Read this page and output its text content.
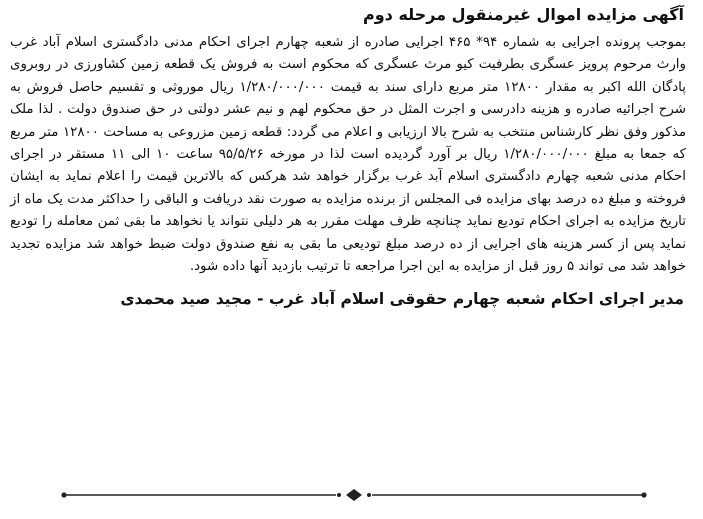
آگهی مزایده اموال غیرمنقول مرحله دوم

بموجب پرونده اجرایی به شماره ۹۴* ۴۶۵ اجرایی صادره از شعبه چهارم اجرای احکام مدنی دادگستری اسلام آباد غرب وارث مرحوم پرویز عسگری بطرفیت کیو مرث عسگری که محکوم است به فروش یک قطعه زمین کشاورزی در روبروی پادگان الله اکبر به مقدار ۱۲۸۰۰ متر مربع دارای سند به قیمت ۱/۲۸۰/۰۰۰/۰۰۰ ریال موروثی و تقسیم حاصل فروش به شرح اجرائیه صادره و هزینه دادرسی و اجرت المثل در حق محکوم لهم و نیم عشر دولتی در حق صندوق دولت . لذا ملک مذکور وفق نظر کارشناس منتخب به شرح بالا ارزیابی و اعلام می گردد: قطعه زمین مزروعی به مساحت ۱۲۸۰۰ متر مربع که جمعا به مبلغ ۱/۲۸۰/۰۰۰/۰۰۰ ریال بر آورد گردیده است لذا در مورخه ۹۵/۵/۲۶ ساعت ۱۰ الی ۱۱ مستقر در اجرای احکام مدنی شعبه چهارم دادگستری اسلام آبد غرب برگزار خواهد شد هرکس که بالاترین قیمت را اعلام نماید به ایشان فروخته و مبلغ ده درصد بهای مزایده فی المجلس از برنده مزایده به صورت نقد دریافت و الباقی را حداکثر مدت یک ماه از تاریخ مزایده به اجرای احکام تودیع نماید چنانچه ظرف مهلت مقرر به هر دلیلی نتواند یا نخواهد ما بقی ثمن معامله را تودیع نماید پس از کسر هزینه های اجرایی از ده درصد مبلغ تودیعی ما بقی به نفع صندوق دولت ضبط خواهد شد مزایده تجدید خواهد شد می تواند ۵ روز قبل از مزایده به این اجرا مراجعه تا ترتیب بازدید آنها داده شود.

مدیر اجرای احکام شعبه چهارم حقوقی اسلام آباد غرب - مجید صید محمدی
